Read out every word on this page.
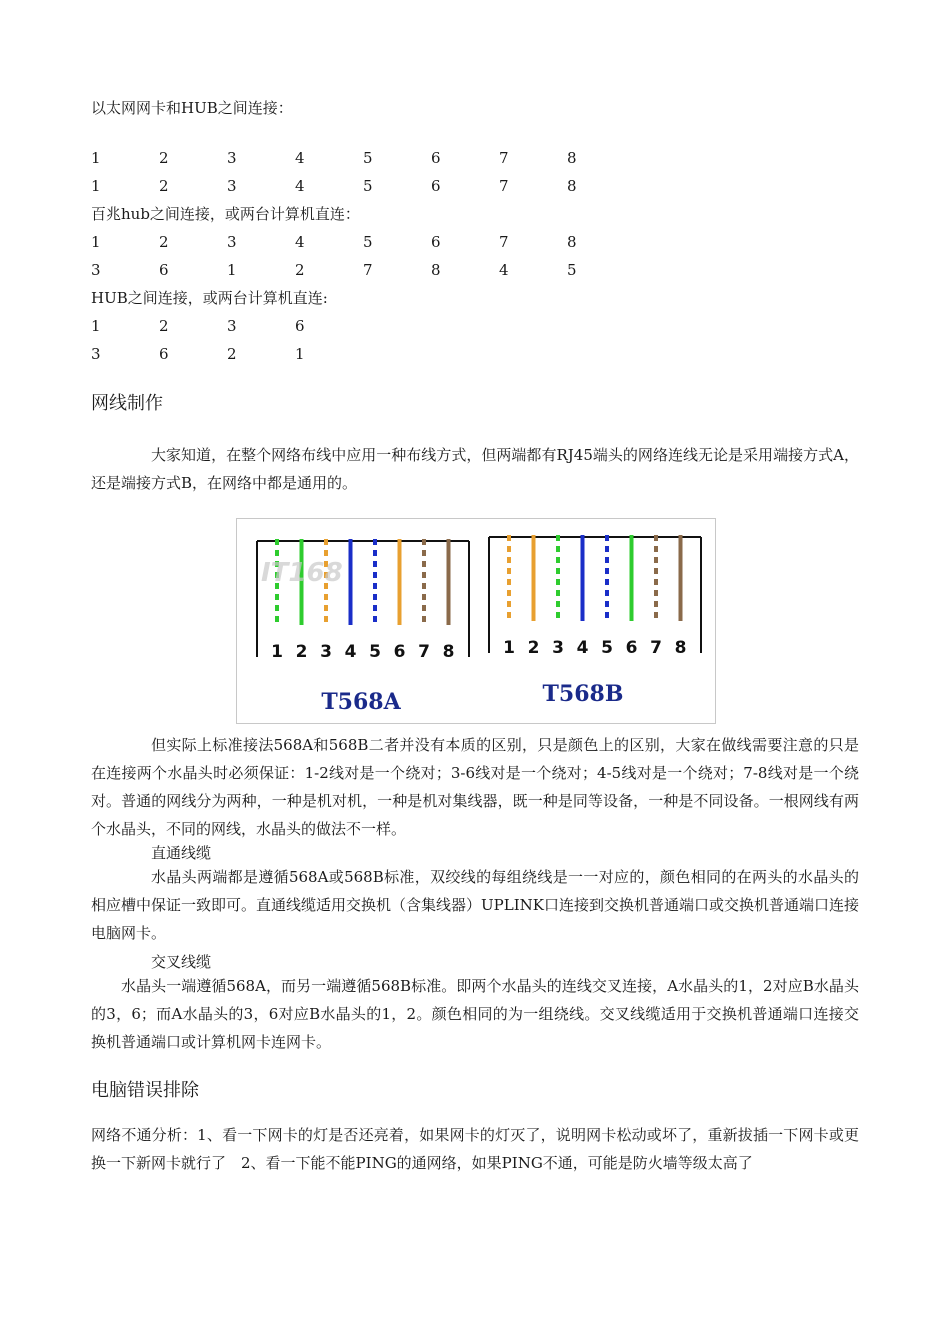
以太网网卡和HUB之间连接：
1	2	3	4	5	6	7	8
1	2	3	4	5	6	7	8
百兆hub之间连接，或两台计算机直连：
1	2	3	4	5	6	7	8
3	6	1	2	7	8	4	5
HUB之间连接，或两台计算机直连:
1	2	3	6
3	6	2	1
网线制作
大家知道，在整个网络布线中应用一种布线方式，但两端都有RJ45端头的网络连线无论是采用端接方式A，还是端接方式B，在网络中都是通用的。
1 2 3 4 5 6 7 8	1 2 3 4 5 6 7 8
IT168
T568A	T568B
但实际上标准接法568A和568B二者并没有本质的区别，只是颜色上的区别，大家在做线需要注意的只是在连接两个水晶头时必须保证：1-2线对是一个绕对；3-6线对是一个绕对；4-5线对是一个绕对；7-8线对是一个绕对。普通的网线分为两种，一种是机对机，一种是机对集线器，既一种是同等设备，一种是不同设备。一根网线有两个水晶头，不同的网线，水晶头的做法不一样。
直通线缆
水晶头两端都是遵循568A或568B标准，双绞线的每组绕线是一一对应的，颜色相同的在两头的水晶头的相应槽中保证一致即可。直通线缆适用交换机（含集线器）UPLINK口连接到交换机普通端口或交换机普通端口连接电脑网卡。
交叉线缆
水晶头一端遵循568A，而另一端遵循568B标准。即两个水晶头的连线交叉连接，A水晶头的1，2对应B水晶头的3，6；而A水晶头的3，6对应B水晶头的1，2。颜色相同的为一组绕线。交叉线缆适用于交换机普通端口连接交换机普通端口或计算机网卡连网卡。
电脑错误排除
网络不通分析：1、看一下网卡的灯是否还亮着，如果网卡的灯灭了，说明网卡松动或坏了，重新拔插一下网卡或更换一下新网卡就行了　2、看一下能不能PING的通网络，如果PING不通，可能是防火墙等级太高了
